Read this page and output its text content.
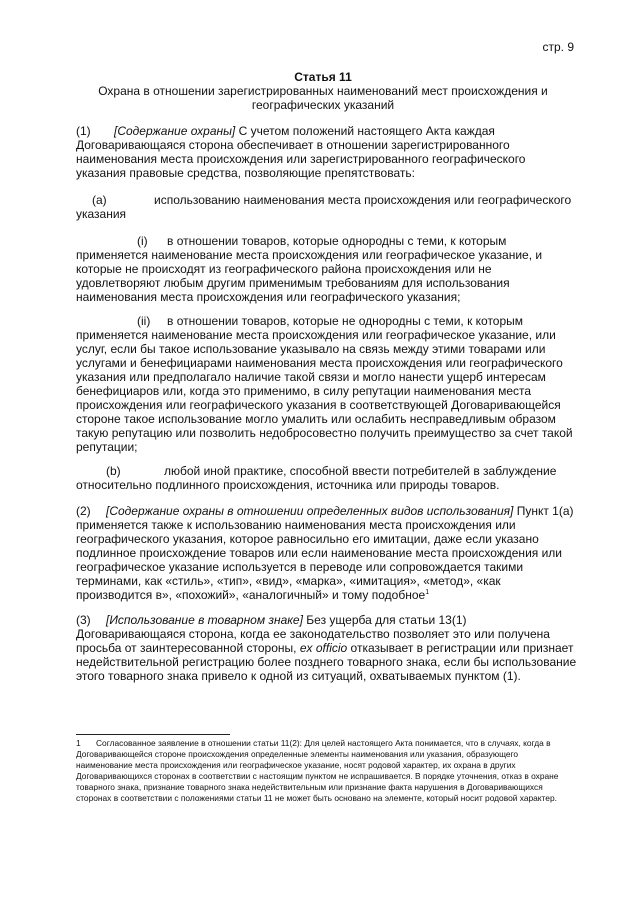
стр. 9
Статья 11
Охрана в отношении зарегистрированных наименований мест происхождения и географических указаний

(1) [Содержание охраны] С учетом положений настоящего Акта каждая Договаривающаяся сторона обеспечивает в отношении зарегистрированного наименования места происхождения или зарегистрированного географического указания правовые средства, позволяющие препятствовать:

(a)	использованию наименования места происхождения или географического указания

(i) в отношении товаров, которые однородны с теми, к которым применяется наименование места происхождения или географическое указание, и которые не происходят из географического района происхождения или не удовлетворяют любым другим применимым требованиям для использования наименования места происхождения или географического указания;

(ii) в отношении товаров, которые не однородны с теми, к которым применяется наименование места происхождения или географическое указание, или услуг, если бы такое использование указывало на связь между этими товарами или услугами и бенефициарами наименования места происхождения или географического указания или предполагало наличие такой связи и могло нанести ущерб интересам бенефициаров или, когда это применимо, в силу репутации наименования места происхождения или географического указания в соответствующей Договаривающейся стороне такое использование могло умалить или ослабить несправедливым образом такую репутацию или позволить недобросовестно получить преимущество за счет такой репутации;

(b)	любой иной практике, способной ввести потребителей в заблуждение относительно подлинного происхождения, источника или природы товаров.

(2) [Содержание охраны в отношении определенных видов использования] Пункт 1(a) применяется также к использованию наименования места происхождения или географического указания, которое равносильно его имитации, даже если указано подлинное происхождение товаров или если наименование места происхождения или географическое указание используется в переводе или сопровождается такими терминами, как «стиль», «тип», «вид», «марка», «имитация», «метод», «как производится в», «похожий», «аналогичный» и тому подобное$^1$

(3) [Использование в товарном знаке] Без ущерба для статьи 13(1) Договаривающаяся сторона, когда ее законодательство позволяет это или получена просьба от заинтересованной стороны, ex officio отказывает в регистрации или признает недействительной регистрацию более позднего товарного знака, если бы использование этого товарного знака привело к одной из ситуаций, охватываемых пунктом (1).

1	Согласованное заявление в отношении статьи 11(2): Для целей настоящего Акта понимается, что в случаях, когда в Договаривающейся стороне происхождения определенные элементы наименования или указания, образующего наименование места происхождения или географическое указание, носят родовой характер, их охрана в других Договаривающихся сторонах в соответствии с настоящим пунктом не испрашивается. В порядке уточнения, отказ в охране товарного знака, признание товарного знака недействительным или признание факта нарушения в Договаривающихся сторонах в соответствии с положениями статьи 11 не может быть основано на элементе, который носит родовой характер.
